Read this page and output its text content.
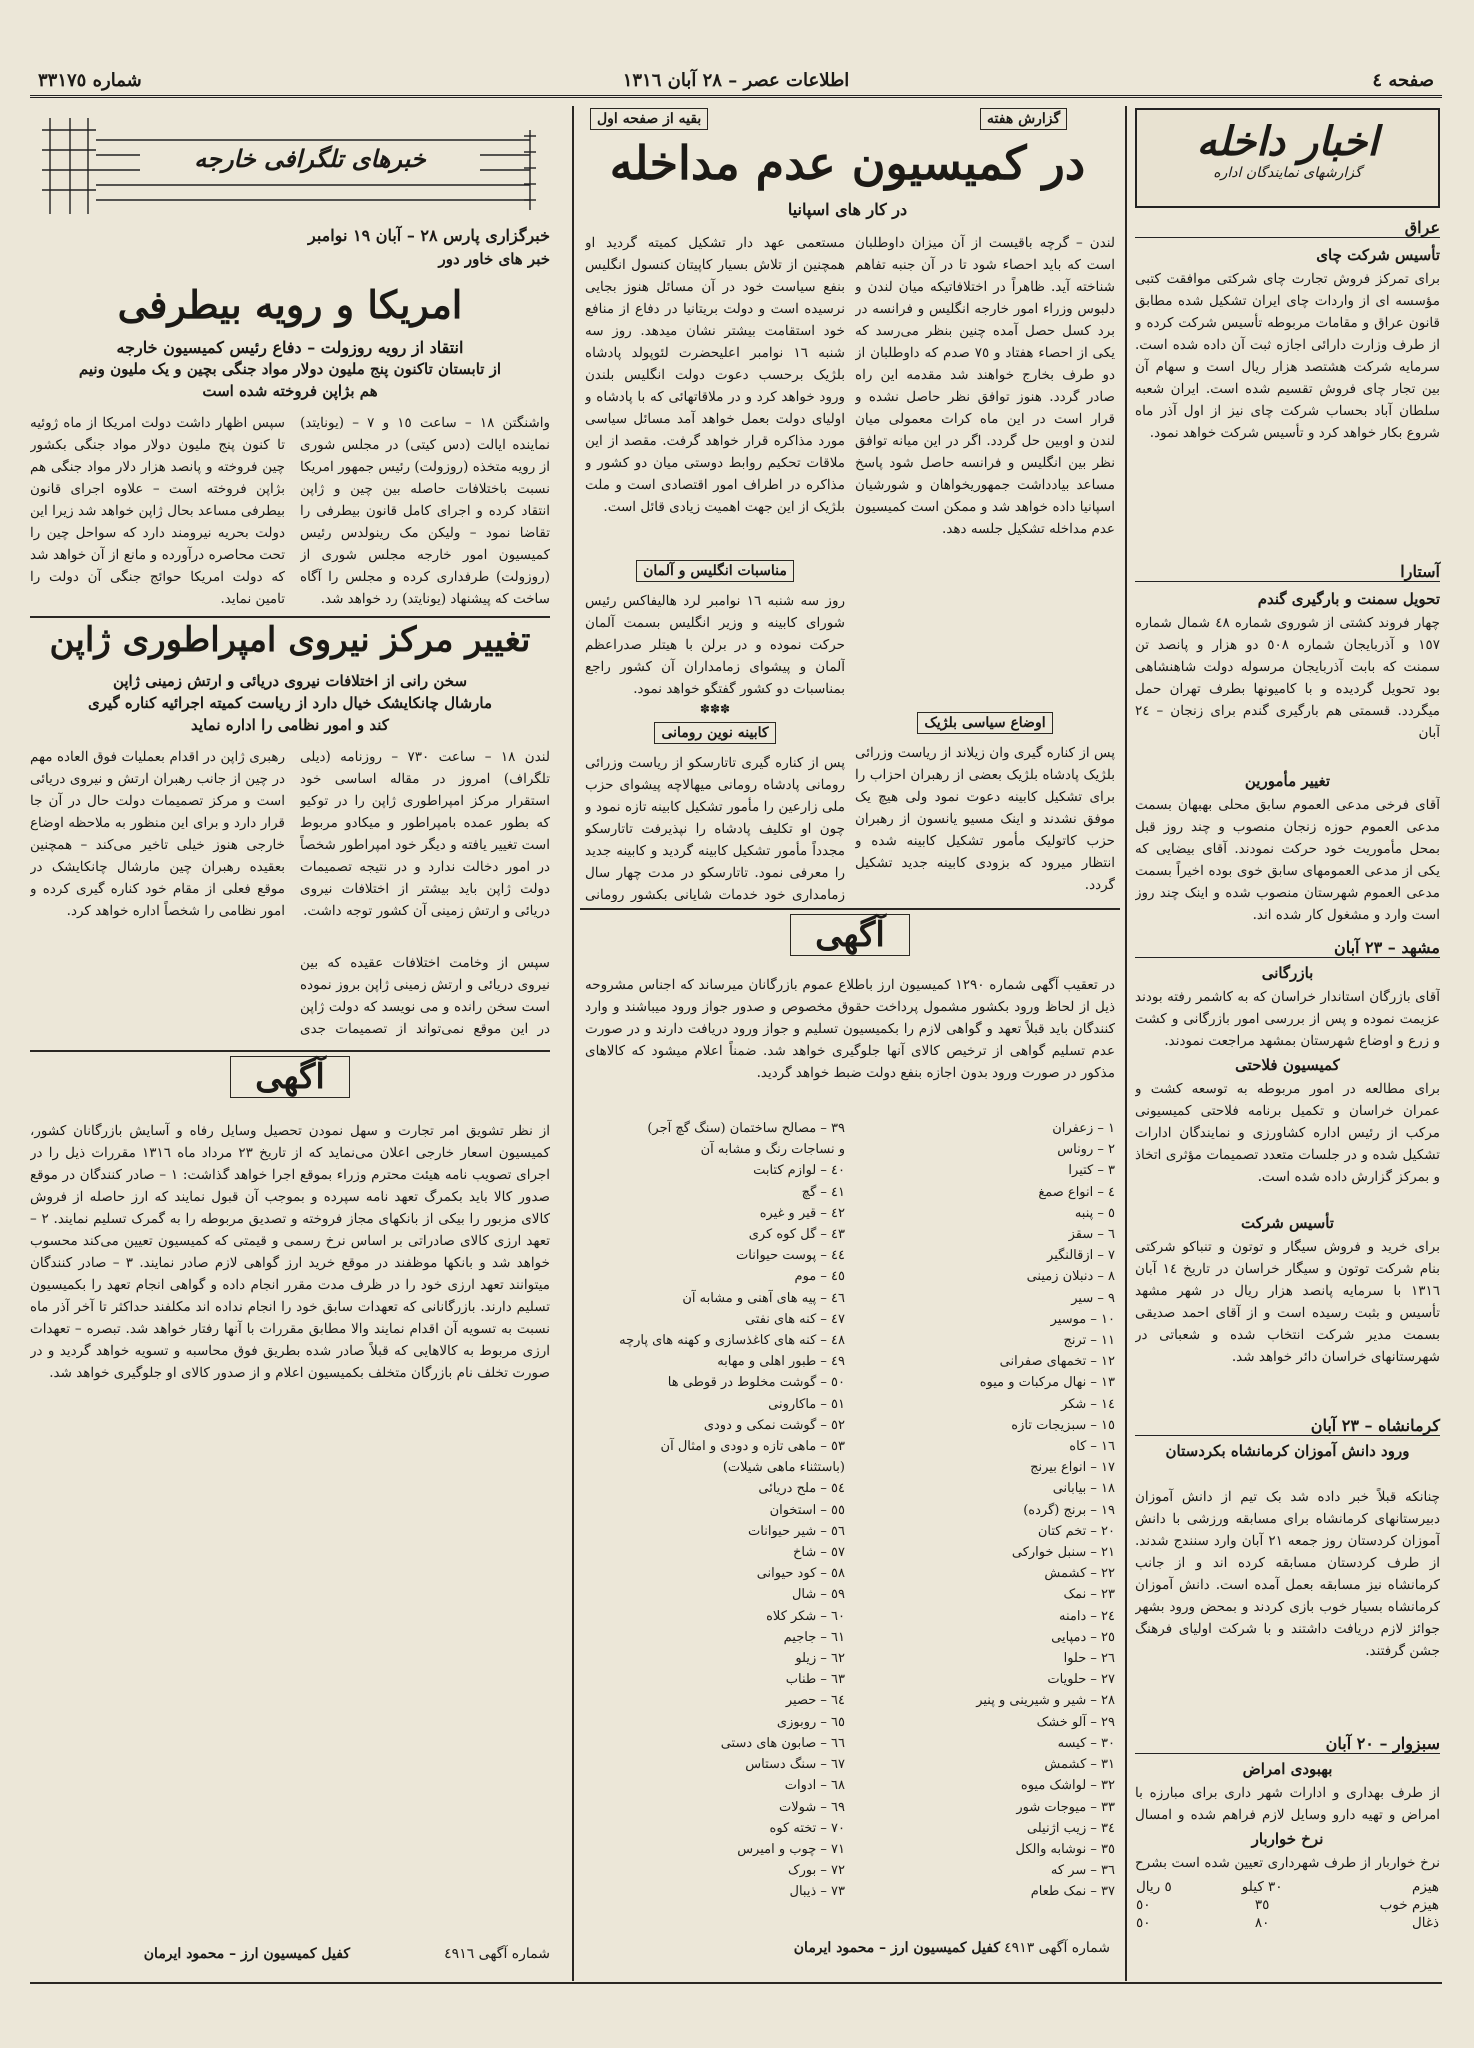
صفحه ٤
اطلاعات عصر – ٢٨ آبان ١٣١٦
شماره ٣٣١٧٥
خبرهای تلگرافی خارجه
خبرگزاری پارس ٢٨ – آبان ١٩ نوامبر
خبر های خاور دور
امریکا و رویه بیطرفی
انتقاد از رویه روزولت – دفاع رئیس کمیسیون خارجه
از تابستان تاکنون پنج ملیون دولار مواد جنگی بچین و یک ملیون ونیم
هم بژاپن فروخته شده است
واشنگتن ١٨ – ساعت ١٥ و ٧ – (یونایتد) نماینده ایالت (دس کیتی) در مجلس شوری از رویه متخذه (روزولت) رئیس جمهور امریکا نسبت باختلافات حاصله بین چین و ژاپن انتقاد کرده و اجرای کامل قانون بیطرفی را تقاضا نمود – ولیکن مک رینولدس رئیس کمیسیون امور خارجه مجلس شوری از (روزولت) طرفداری کرده و مجلس را آگاه ساخت که پیشنهاد (یونایتد) رد خواهد شد.
سپس اظهار داشت دولت امریکا از ماه ژوئیه تا کنون پنج ملیون دولار مواد جنگی بکشور چین فروخته و پانصد هزار دلار مواد جنگی هم بژاپن فروخته است – علاوه اجرای قانون بیطرفی مساعد بحال ژاپن خواهد شد زیرا این دولت بحریه نیرومند دارد که سواحل چین را تحت محاصره درآورده و مانع از آن خواهد شد که دولت امریکا حوائج جنگی آن دولت را تامین نماید.
تغییر مرکز نیروی امپراطوری ژاپن
سخن رانی از اختلافات نیروی دریائی و ارتش زمینی ژاپن
مارشال چانکایشک خیال دارد از ریاست کمیته اجرائیه کناره گیری
کند و امور نظامی را اداره نماید
لندن ١٨ – ساعت ٧٣٠ – روزنامه (دیلی تلگراف) امروز در مقاله اساسی خود استقرار مرکز امپراطوری ژاپن را در توکیو که بطور عمده بامپراطور و میکادو مربوط است تغییر یافته و دیگر خود امپراطور شخصاً در امور دخالت ندارد و در نتیجه تصمیمات دولت ژاپن باید بیشتر از اختلافات نیروی دریائی و ارتش زمینی آن کشور توجه داشت.
رهبری ژاپن در اقدام بعملیات فوق العاده مهم در چین از جانب رهبران ارتش و نیروی دریائی است و مرکز تصمیمات دولت حال در آن جا قرار دارد و برای این منظور به ملاحظه اوضاع خارجی هنوز خیلی تاخیر می‌کند – همچنین بعقیده رهبران چین مارشال چانکایشک در موقع فعلی از مقام خود کناره گیری کرده و امور نظامی را شخصاً اداره خواهد کرد.
سپس از وخامت اختلافات عقیده که بین نیروی دریائی و ارتش زمینی ژاپن بروز نموده است سخن رانده و می نویسد که دولت ژاپن در این موقع نمی‌تواند از تصمیمات جدی
آگهی
از نظر تشویق امر تجارت و سهل نمودن تحصیل وسایل رفاه و آسایش بازرگانان کشور، کمیسیون اسعار خارجی اعلان می‌نماید که از تاریخ ٢٣ مرداد ماه ١٣١٦ مقررات ذیل را در اجرای تصویب نامه هیئت محترم وزراء بموقع اجرا خواهد گذاشت: ١ – صادر کنندگان در موقع صدور کالا باید بکمرگ تعهد نامه سپرده و بموجب آن قبول نمایند که ارز حاصله از فروش کالای مزبور را بیکی از بانکهای مجاز فروخته و تصدیق مربوطه را به گمرک تسلیم نمایند. ٢ – تعهد ارزی کالای صادراتی بر اساس نرخ رسمی و قیمتی که کمیسیون تعیین می‌کند محسوب خواهد شد و بانکها موظفند در موقع خرید ارز گواهی لازم صادر نمایند. ٣ – صادر کنندگان میتوانند تعهد ارزی خود را در ظرف مدت مقرر انجام داده و گواهی انجام تعهد را بکمیسیون تسلیم دارند. بازرگانانی که تعهدات سابق خود را انجام نداده اند مکلفند حداکثر تا آخر آذر ماه نسبت به تسویه آن اقدام نمایند والا مطابق مقررات با آنها رفتار خواهد شد. تبصره – تعهدات ارزی مربوط به کالاهایی که قبلاً صادر شده بطریق فوق محاسبه و تسویه خواهد گردید و در صورت تخلف نام بازرگان متخلف بکمیسیون اعلام و از صدور کالای او جلوگیری خواهد شد.
کفیل کمیسیون ارز – محمود ایرمان	شماره آگهی ٤٩١٦
گزارش هفته
بقیه از صفحه اول
در کمیسیون عدم مداخله
در کار های اسپانیا
لندن – گرچه باقیست از آن میزان داوطلبان است که باید احصاء شود تا در آن جنبه تفاهم شناخته آید. ظاهراً در اختلافاتیکه میان لندن و دلبوس وزراء امور خارجه انگلیس و فرانسه در برد کسل حصل آمده چنین بنظر می‌رسد که یکی از احصاء هفتاد و ٧٥ صدم که داوطلبان از دو طرف بخارج خواهند شد مقدمه این راه صادر گردد. هنوز توافق نظر حاصل نشده و قرار است در این ماه کرات معمولی میان لندن و اوبین حل گردد. اگر در این میانه توافق نظر بین انگلیس و فرانسه حاصل شود پاسخ مساعد بیادداشت جمهوریخواهان و شورشیان اسپانیا داده خواهد شد و ممکن است کمیسیون عدم مداخله تشکیل جلسه دهد.
مستعمی عهد دار تشکیل کمیته گردید او همچنین از تلاش بسیار کاپیتان کنسول انگلیس بنفع سیاست خود در آن مسائل هنوز بجایی نرسیده است و دولت بریتانیا در دفاع از منافع خود استقامت بیشتر نشان میدهد. روز سه شنبه ١٦ نوامبر اعلیحضرت لئوپولد پادشاه بلژیک برحسب دعوت دولت انگلیس بلندن ورود خواهد کرد و در ملاقاتهائی که با پادشاه و اولیای دولت بعمل خواهد آمد مسائل سیاسی مورد مذاکره قرار خواهد گرفت. مقصد از این ملاقات تحکیم روابط دوستی میان دو کشور و مذاکره در اطراف امور اقتصادی است و ملت بلژیک از این جهت اهمیت زیادی قائل است.
مناسبات انگلیس و آلمان
روز سه شنبه ١٦ نوامبر لرد هالیفاکس رئیس شورای کابینه و وزیر انگلیس بسمت آلمان حرکت نموده و در برلن با هیتلر صدراعظم آلمان و پیشوای زمامداران آن کشور راجع بمناسبات دو کشور گفتگو خواهد نمود.
✽✽✽
کابینه نوین رومانی
پس از کناره گیری تاتارسکو از ریاست وزرائی رومانی پادشاه رومانی میهالاچه پیشوای حزب ملی زارعین را مأمور تشکیل کابینه تازه نمود و چون او تکلیف پادشاه را نپذیرفت تاتارسکو مجدداً مأمور تشکیل کابینه گردید و کابینه جدید را معرفی نمود. تاتارسکو در مدت چهار سال زمامداری خود خدمات شایانی بکشور رومانی
اوضاع سیاسی بلژیک
پس از کناره گیری وان زیلاند از ریاست وزرائی بلژیک پادشاه بلژیک بعضی از رهبران احزاب را برای تشکیل کابینه دعوت نمود ولی هیچ یک موفق نشدند و اینک مسیو یانسون از رهبران حزب کاتولیک مأمور تشکیل کابینه شده و انتظار میرود که بزودی کابینه جدید تشکیل گردد.
آگهی
در تعقیب آگهی شماره ١٢٩٠ کمیسیون ارز باطلاع عموم بازرگانان میرساند که اجناس مشروحه ذیل از لحاظ ورود بکشور مشمول پرداخت حقوق مخصوص و صدور جواز ورود میباشند و وارد کنندگان باید قبلاً تعهد و گواهی لازم را بکمیسیون تسلیم و جواز ورود دریافت دارند و در صورت عدم تسلیم گواهی از ترخیص کالای آنها جلوگیری خواهد شد. ضمناً اعلام میشود که کالاهای مذکور در صورت ورود بدون اجازه بنفع دولت ضبط خواهد گردید.
١ – زعفران
٢ – روناس
٣ – کتیرا
٤ – انواع صمغ
٥ – پنبه
٦ – سقز
٧ – ازقالنگیر
٨ – دنبلان زمینی
٩ – سیر
١٠ – موسیر
١١ – ترنج
١٢ – تخمهای صفرانی
١٣ – نهال مرکبات و میوه
١٤ – شکر
١٥ – سبزیجات تازه
١٦ – کاه
١٧ – انواع بیرنج
١٨ – بیابانی
١٩ – برنج (گرده)
٢٠ – تخم کتان
٢١ – سنبل خوارکی
٢٢ – کشمش
٢٣ – نمک
٢٤ – دامنه
٢٥ – دمپایی
٢٦ – حلوا
٢٧ – حلویات
٢٨ – شیر و شیرینی و پنیر
٢٩ – آلو خشک
٣٠ – کیسه
٣١ – کشمش
٣٢ – لواشک میوه
٣٣ – میوجات شور
٣٤ – زیب اژنیلی
٣٥ – نوشابه والکل
٣٦ – سر که
٣٧ – نمک طعام
٣٩ – مصالح ساختمان (سنگ گچ آجر)
و نساجات رنگ و مشابه آن
٤٠ – لوازم کتابت
٤١ – گچ
٤٢ – قیر و غیره
٤٣ – گل کوه کری
٤٤ – پوست حیوانات
٤٥ – موم
٤٦ – پیه های آهنی و مشابه آن
٤٧ – کنه های نفتی
٤٨ – کنه های کاغذسازی و کهنه های پارچه
٤٩ – طبور اهلی و مهابه
٥٠ – گوشت مخلوط در قوطی ها
٥١ – ماکارونی
٥٢ – گوشت نمکی و دودی
٥٣ – ماهی تازه و دودی و امثال آن
(باستثناء ماهی شیلات)
٥٤ – ملح دریائی
٥٥ – استخوان
٥٦ – شیر حیوانات
٥٧ – شاخ
٥٨ – کود حیوانی
٥٩ – شال
٦٠ – شکر کلاه
٦١ – جاجیم
٦٢ – زیلو
٦٣ – طناب
٦٤ – حصیر
٦٥ – روبوزی
٦٦ – صابون های دستی
٦٧ – سنگ دستاس
٦٨ – ادوات
٦٩ – شولات
٧٠ – تخته کوه
٧١ – چوب و امیرس
٧٢ – بورک
٧٣ – ذیبال
کفیل کمیسیون ارز – محمود ایرمان شماره آگهی ٤٩١٣
اخبار داخله
گزارشهای نمایندگان اداره
عراق
تأسیس شرکت چای
برای تمرکز فروش تجارت چای شرکتی موافقت کتبی مؤسسه ای از واردات چای ایران تشکیل شده مطابق قانون عراق و مقامات مربوطه تأسیس شرکت کرده و از طرف وزارت دارائی اجازه ثبت آن داده شده است. سرمایه شرکت هشتصد هزار ریال است و سهام آن بین تجار چای فروش تقسیم شده است. ایران شعبه سلطان آباد بحساب شرکت چای نیز از اول آذر ماه شروع بکار خواهد کرد و تأسیس شرکت خواهد نمود.
آستارا
تحویل سمنت و بارگیری گندم
چهار فروند کشتی از شوروی شماره ٤٨ شمال شماره ١٥٧ و آذربایجان شماره ٥٠٨ دو هزار و پانصد تن سمنت که بابت آذربایجان مرسوله دولت شاهنشاهی بود تحویل گردیده و با کامیونها بطرف تهران حمل میگردد. قسمتی هم بارگیری گندم برای زنجان – ٢٤ آبان
تغییر مأمورین
آقای فرخی مدعی العموم سابق محلی بهبهان بسمت مدعی العموم حوزه زنجان منصوب و چند روز قبل بمحل مأموریت خود حرکت نمودند. آقای بیضایی که یکی از مدعی العمومهای سابق خوی بوده اخیراً بسمت مدعی العموم شهرستان منصوب شده و اینک چند روز است وارد و مشغول کار شده اند.
مشهد – ٢٣ آبان
بازرگانی
آقای بازرگان استاندار خراسان که به کاشمر رفته بودند عزیمت نموده و پس از بررسی امور بازرگانی و کشت و زرع و اوضاع شهرستان بمشهد مراجعت نمودند.
کمیسیون فلاحتی
برای مطالعه در امور مربوطه به توسعه کشت و عمران خراسان و تکمیل برنامه فلاحتی کمیسیونی مرکب از رئیس اداره کشاورزی و نمایندگان ادارات تشکیل شده و در جلسات متعدد تصمیمات مؤثری اتخاذ و بمرکز گزارش داده شده است.
تأسیس شرکت
برای خرید و فروش سیگار و توتون و تنباکو شرکتی بنام شرکت توتون و سیگار خراسان در تاریخ ١٤ آبان ١٣١٦ با سرمایه پانصد هزار ریال در شهر مشهد تأسیس و بثبت رسیده است و از آقای احمد صدیقی بسمت مدیر شرکت انتخاب شده و شعباتی در شهرستانهای خراسان دائر خواهد شد.
کرمانشاه – ٢٣ آبان
ورود دانش آموزان کرمانشاه بکردستان
چنانکه قبلاً خبر داده شد بک تیم از دانش آموزان دبیرستانهای کرمانشاه برای مسابقه ورزشی با دانش آموزان کردستان روز جمعه ٢١ آبان وارد سنندج شدند. از طرف کردستان مسابقه کرده اند و از جانب کرمانشاه نیز مسابقه بعمل آمده است. دانش آموزان کرمانشاه بسیار خوب بازی کردند و بمحض ورود بشهر جوائز لازم دریافت داشتند و با شرکت اولیای فرهنگ جشن گرفتند.
سبزوار – ٢٠ آبان
بهبودی امراض
از طرف بهداری و ادارات شهر داری برای مبارزه با امراض و تهیه دارو وسایل لازم فراهم شده و امسال
نرخ خواربار
نرخ خواربار از طرف شهرداری تعیین شده است بشرح
هیزم	٣٠ کیلو	٥ ریال
هیزم خوب	٣٥	٥٠
ذغال	٨٠	٥٠
